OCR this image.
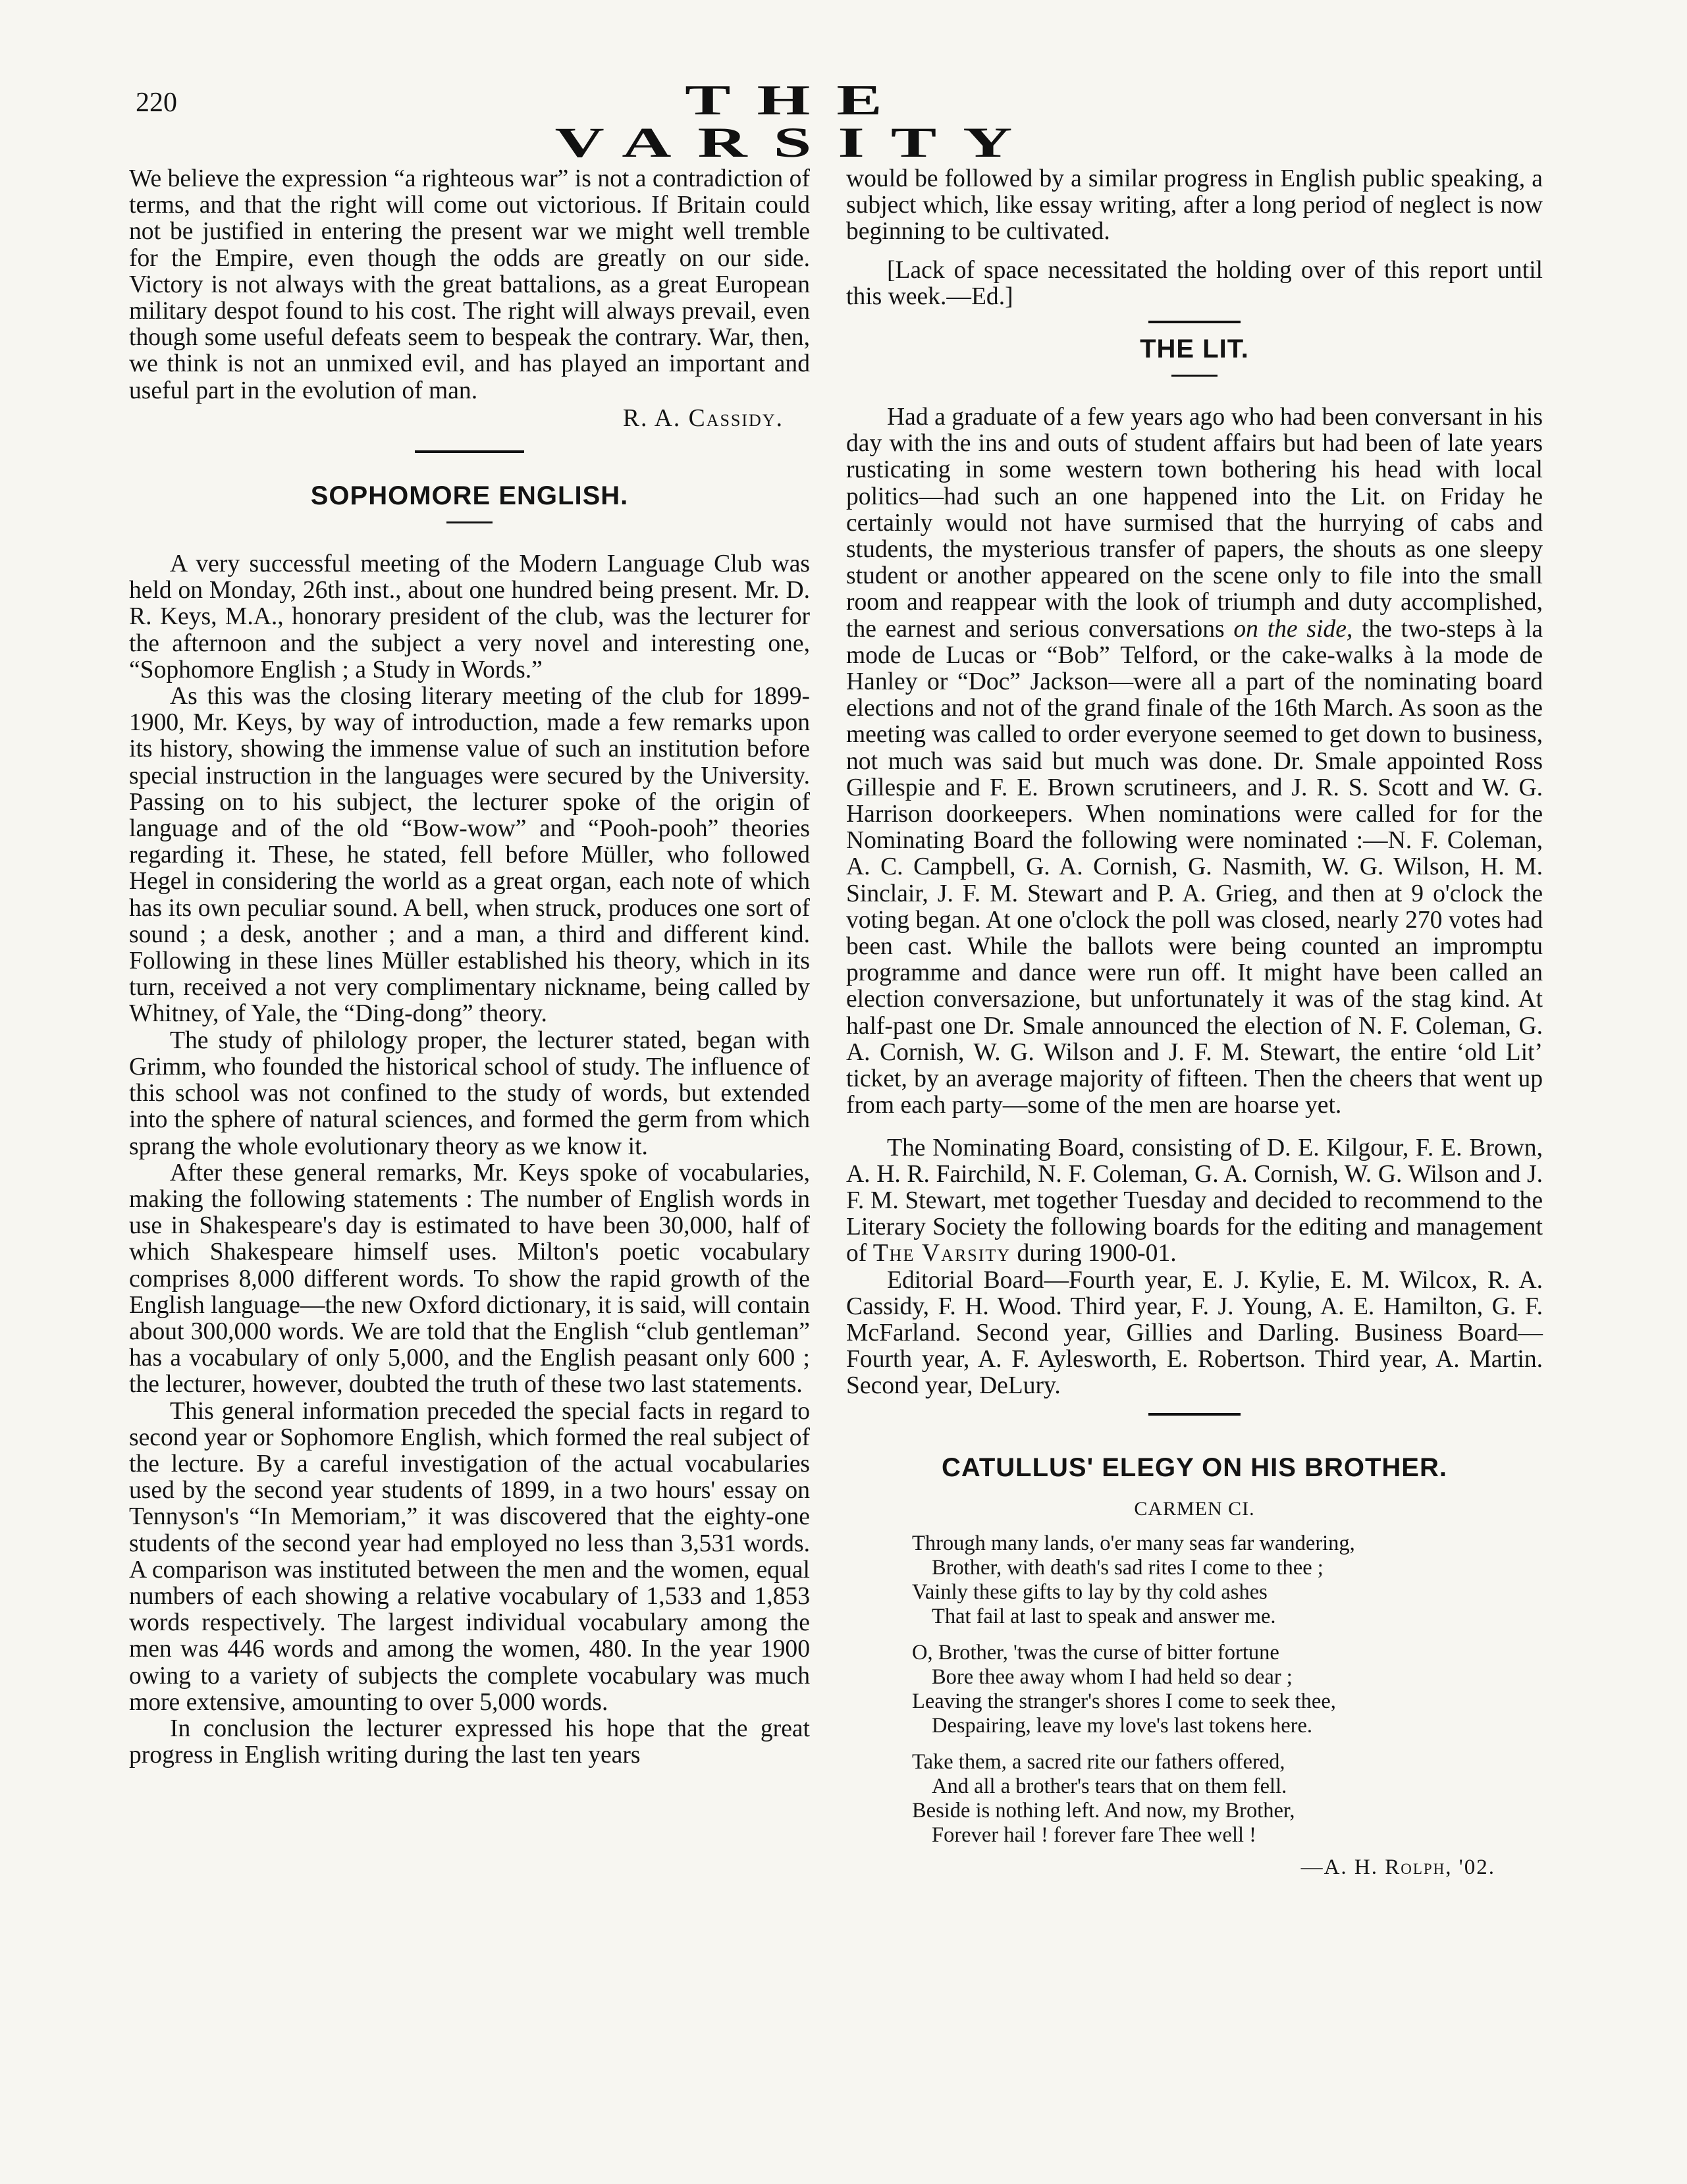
220	THE VARSITY

We believe the expression “a righteous war” is not a contradiction of terms, and that the right will come out victorious. If Britain could not be justified in entering the present war we might well tremble for the Empire, even though the odds are greatly on our side. Victory is not always with the great battalions, as a great European military despot found to his cost. The right will always prevail, even though some useful defeats seem to bespeak the contrary. War, then, we think is not an unmixed evil, and has played an important and useful part in the evolution of man.

R. A. Cassidy.

SOPHOMORE ENGLISH.

A very successful meeting of the Modern Language Club was held on Monday, 26th inst., about one hundred being present. Mr. D. R. Keys, M.A., honorary president of the club, was the lecturer for the afternoon and the subject a very novel and interesting one, “Sophomore English ; a Study in Words.”

As this was the closing literary meeting of the club for 1899-1900, Mr. Keys, by way of introduction, made a few remarks upon its history, showing the immense value of such an institution before special instruction in the languages were secured by the University. Passing on to his subject, the lecturer spoke of the origin of language and of the old “Bow-wow” and “Pooh-pooh” theories regarding it. These, he stated, fell before Müller, who followed Hegel in considering the world as a great organ, each note of which has its own peculiar sound. A bell, when struck, produces one sort of sound ; a desk, another ; and a man, a third and different kind. Following in these lines Müller established his theory, which in its turn, received a not very complimentary nickname, being called by Whitney, of Yale, the “Ding-dong” theory.

The study of philology proper, the lecturer stated, began with Grimm, who founded the historical school of study. The influence of this school was not confined to the study of words, but extended into the sphere of natural sciences, and formed the germ from which sprang the whole evolutionary theory as we know it.

After these general remarks, Mr. Keys spoke of vocabularies, making the following statements : The number of English words in use in Shakespeare's day is estimated to have been 30,000, half of which Shakespeare himself uses. Milton's poetic vocabulary comprises 8,000 different words. To show the rapid growth of the English language—the new Oxford dictionary, it is said, will contain about 300,000 words. We are told that the English “club gentleman” has a vocabulary of only 5,000, and the English peasant only 600 ; the lecturer, however, doubted the truth of these two last statements.

This general information preceded the special facts in regard to second year or Sophomore English, which formed the real subject of the lecture. By a careful investigation of the actual vocabularies used by the second year students of 1899, in a two hours' essay on Tennyson's “In Memoriam,” it was discovered that the eighty-one students of the second year had employed no less than 3,531 words. A comparison was instituted between the men and the women, equal numbers of each showing a relative vocabulary of 1,533 and 1,853 words respectively. The largest individual vocabulary among the men was 446 words and among the women, 480. In the year 1900 owing to a variety of subjects the complete vocabulary was much more extensive, amounting to over 5,000 words.

In conclusion the lecturer expressed his hope that the great progress in English writing during the last ten years

would be followed by a similar progress in English public speaking, a subject which, like essay writing, after a long period of neglect is now beginning to be cultivated.

[Lack of space necessitated the holding over of this report until this week.—Ed.]

THE LIT.

Had a graduate of a few years ago who had been conversant in his day with the ins and outs of student affairs but had been of late years rusticating in some western town bothering his head with local politics—had such an one happened into the Lit. on Friday he certainly would not have surmised that the hurrying of cabs and students, the mysterious transfer of papers, the shouts as one sleepy student or another appeared on the scene only to file into the small room and reappear with the look of triumph and duty accomplished, the earnest and serious conversations on the side, the two-steps à la mode de Lucas or “Bob” Telford, or the cake-walks à la mode de Hanley or “Doc” Jackson—were all a part of the nominating board elections and not of the grand finale of the 16th March. As soon as the meeting was called to order everyone seemed to get down to business, not much was said but much was done. Dr. Smale appointed Ross Gillespie and F. E. Brown scrutineers, and J. R. S. Scott and W. G. Harrison doorkeepers. When nominations were called for for the Nominating Board the following were nominated :—N. F. Coleman, A. C. Campbell, G. A. Cornish, G. Nasmith, W. G. Wilson, H. M. Sinclair, J. F. M. Stewart and P. A. Grieg, and then at 9 o'clock the voting began. At one o'clock the poll was closed, nearly 270 votes had been cast. While the ballots were being counted an impromptu programme and dance were run off. It might have been called an election conversazione, but unfortunately it was of the stag kind. At half-past one Dr. Smale announced the election of N. F. Coleman, G. A. Cornish, W. G. Wilson and J. F. M. Stewart, the entire ‘old Lit’ ticket, by an average majority of fifteen. Then the cheers that went up from each party—some of the men are hoarse yet.

The Nominating Board, consisting of D. E. Kilgour, F. E. Brown, A. H. R. Fairchild, N. F. Coleman, G. A. Cornish, W. G. Wilson and J. F. M. Stewart, met together Tuesday and decided to recommend to the Literary Society the following boards for the editing and management of The Varsity during 1900-01.

Editorial Board—Fourth year, E. J. Kylie, E. M. Wilcox, R. A. Cassidy, F. H. Wood. Third year, F. J. Young, A. E. Hamilton, G. F. McFarland. Second year, Gillies and Darling. Business Board—Fourth year, A. F. Aylesworth, E. Robertson. Third year, A. Martin. Second year, DeLury.

CATULLUS' ELEGY ON HIS BROTHER.
CARMEN CI.
Through many lands, o'er many seas far wandering,
Brother, with death's sad rites I come to thee ;
Vainly these gifts to lay by thy cold ashes
That fail at last to speak and answer me.
O, Brother, 'twas the curse of bitter fortune
Bore thee away whom I had held so dear ;
Leaving the stranger's shores I come to seek thee,
Despairing, leave my love's last tokens here.
Take them, a sacred rite our fathers offered,
And all a brother's tears that on them fell.
Beside is nothing left. And now, my Brother,
Forever hail ! forever fare Thee well !

—A. H. Rolph, '02.
